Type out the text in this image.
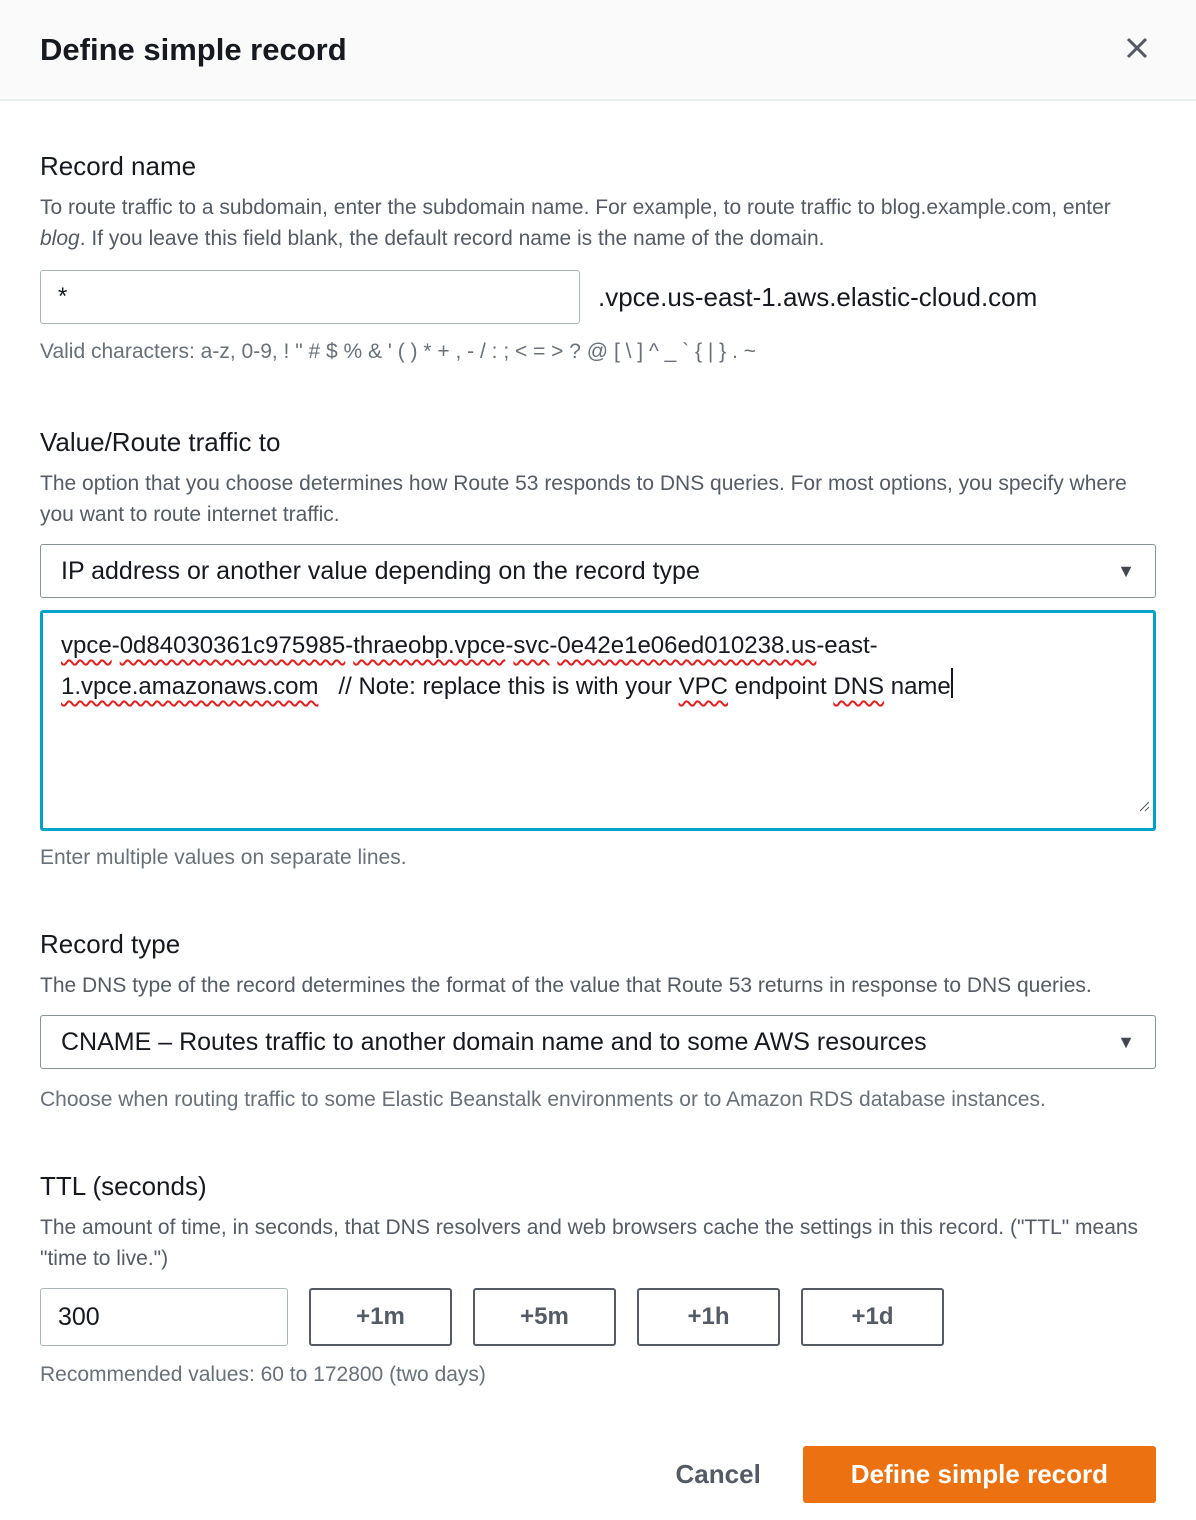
Define simple record
Record name
To route traffic to a subdomain, enter the subdomain name. For example, to route traffic to blog.example.com, enter blog. If you leave this field blank, the default record name is the name of the domain.
*
.vpce.us-east-1.aws.elastic-cloud.com
Valid characters: a-z, 0-9, ! " # $ % & ' ( ) * + , - / : ; < = > ? @ [ \ ] ^ _ ` { | } . ~
Value/Route traffic to
The option that you choose determines how Route 53 responds to DNS queries. For most options, you specify where you want to route internet traffic.
IP address or another value depending on the record type	▼
vpce-0d84030361c975985-thraeobp.vpce-svc-0e42e1e06ed010238.us-east-
1.vpce.amazonaws.com   // Note: replace this is with your VPC endpoint DNS name
Enter multiple values on separate lines.
Record type
The DNS type of the record determines the format of the value that Route 53 returns in response to DNS queries.
CNAME – Routes traffic to another domain name and to some AWS resources	▼
Choose when routing traffic to some Elastic Beanstalk environments or to Amazon RDS database instances.
TTL (seconds)
The amount of time, in seconds, that DNS resolvers and web browsers cache the settings in this record. ("TTL" means "time to live.")
300
+1m	+5m	+1h	+1d
Recommended values: 60 to 172800 (two days)
Cancel	Define simple record
